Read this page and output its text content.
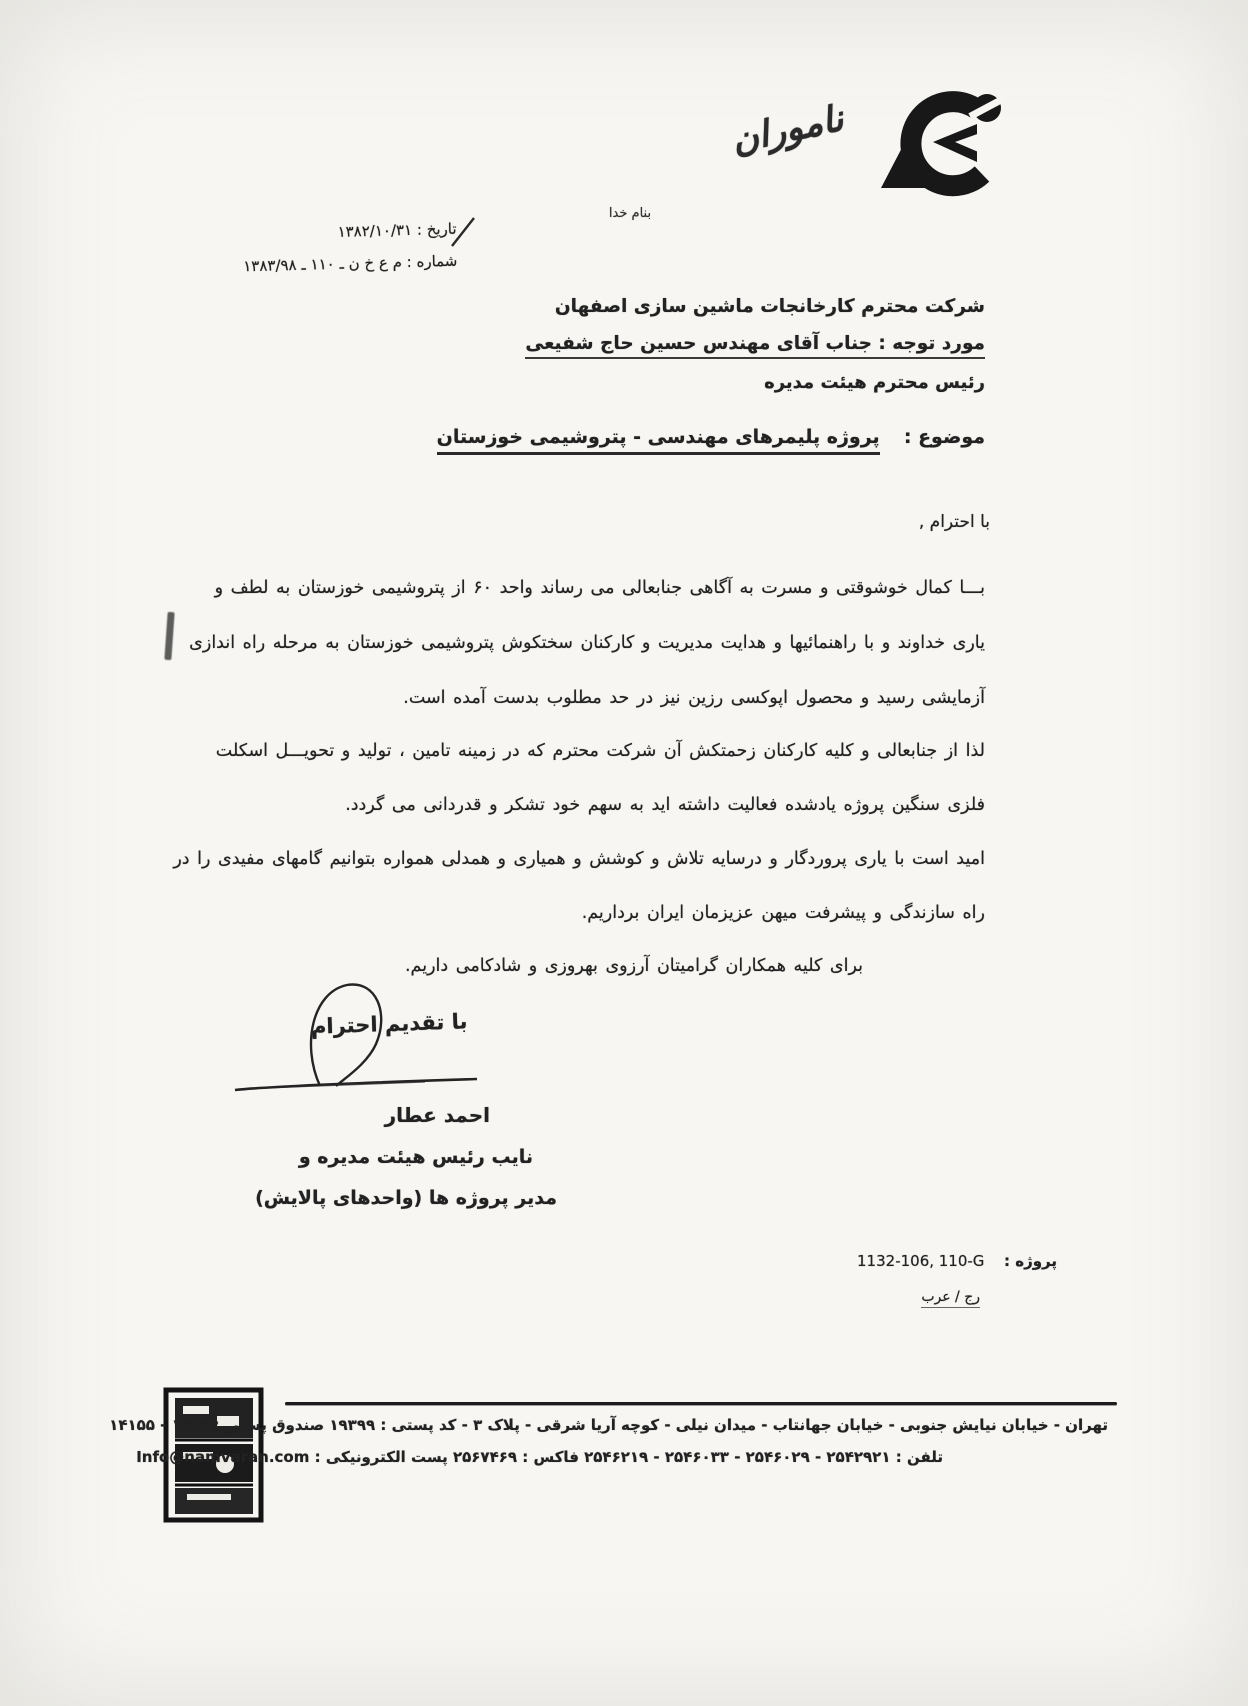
ناموران
بنام خدا
تاریخ : ۱۳۸۲/۱۰/۳۱
شماره : م ع خ ن ـ ۱۱۰ ـ ۱۳۸۳/۹۸
شرکت محترم کارخانجات ماشین سازی اصفهان
مورد توجه : جناب آقای مهندس حسین حاج شفیعی
رئیس محترم هیئت مدیره
موضوع :  پروژه پلیمرهای مهندسی - پتروشیمی خوزستان
با احترام ,
بـــا کمال خوشوقتی و مسرت به آگاهی جنابعالی می رساند واحد ۶۰ از پتروشیمی خوزستان به لطف و
یاری خداوند و با راهنمائیها و هدایت مدیریت و کارکنان سختکوش پتروشیمی خوزستان به مرحله راه اندازی
آزمایشی رسید و محصول اپوکسی رزین نیز در حد مطلوب بدست آمده است.
لذا از جنابعالی و کلیه کارکنان زحمتکش آن شرکت محترم که در زمینه تامین ، تولید و تحویـــل اسکلت
فلزی سنگین پروژه یادشده فعالیت داشته اید به سهم خود تشکر و قدردانی می گردد.
امید است با یاری پروردگار و درسایه تلاش و کوشش و همیاری و همدلی همواره بتوانیم گامهای مفیدی را در
راه سازندگی و پیشرفت میهن عزیزمان ایران برداریم.
برای کلیه همکاران گرامیتان آرزوی بهروزی و شادکامی داریم.
با تقدیم احترام
احمد عطار
نایب رئیس هیئت مدیره و
مدیر پروژه ها (واحدهای پالایش)
پروژه :  1132-106, 110-G
رج / عرب
تهران - خیابان نیایش جنوبی - خیابان جهانتاب - میدان نیلی - کوچه آریا شرقی - پلاک ۳ - کد پستی : ۱۹۳۹۹ صندوق پستی : ۱۷۶۶ - ۱۴۱۵۵
تلفن : ۲۵۴۲۹۲۱ - ۲۵۴۶۰۲۹ - ۲۵۴۶۰۳۳ - ۲۵۴۶۲۱۹ فاکس : ۲۵۶۷۴۶۹ پست الکترونیکی : Info@namvaran.com
